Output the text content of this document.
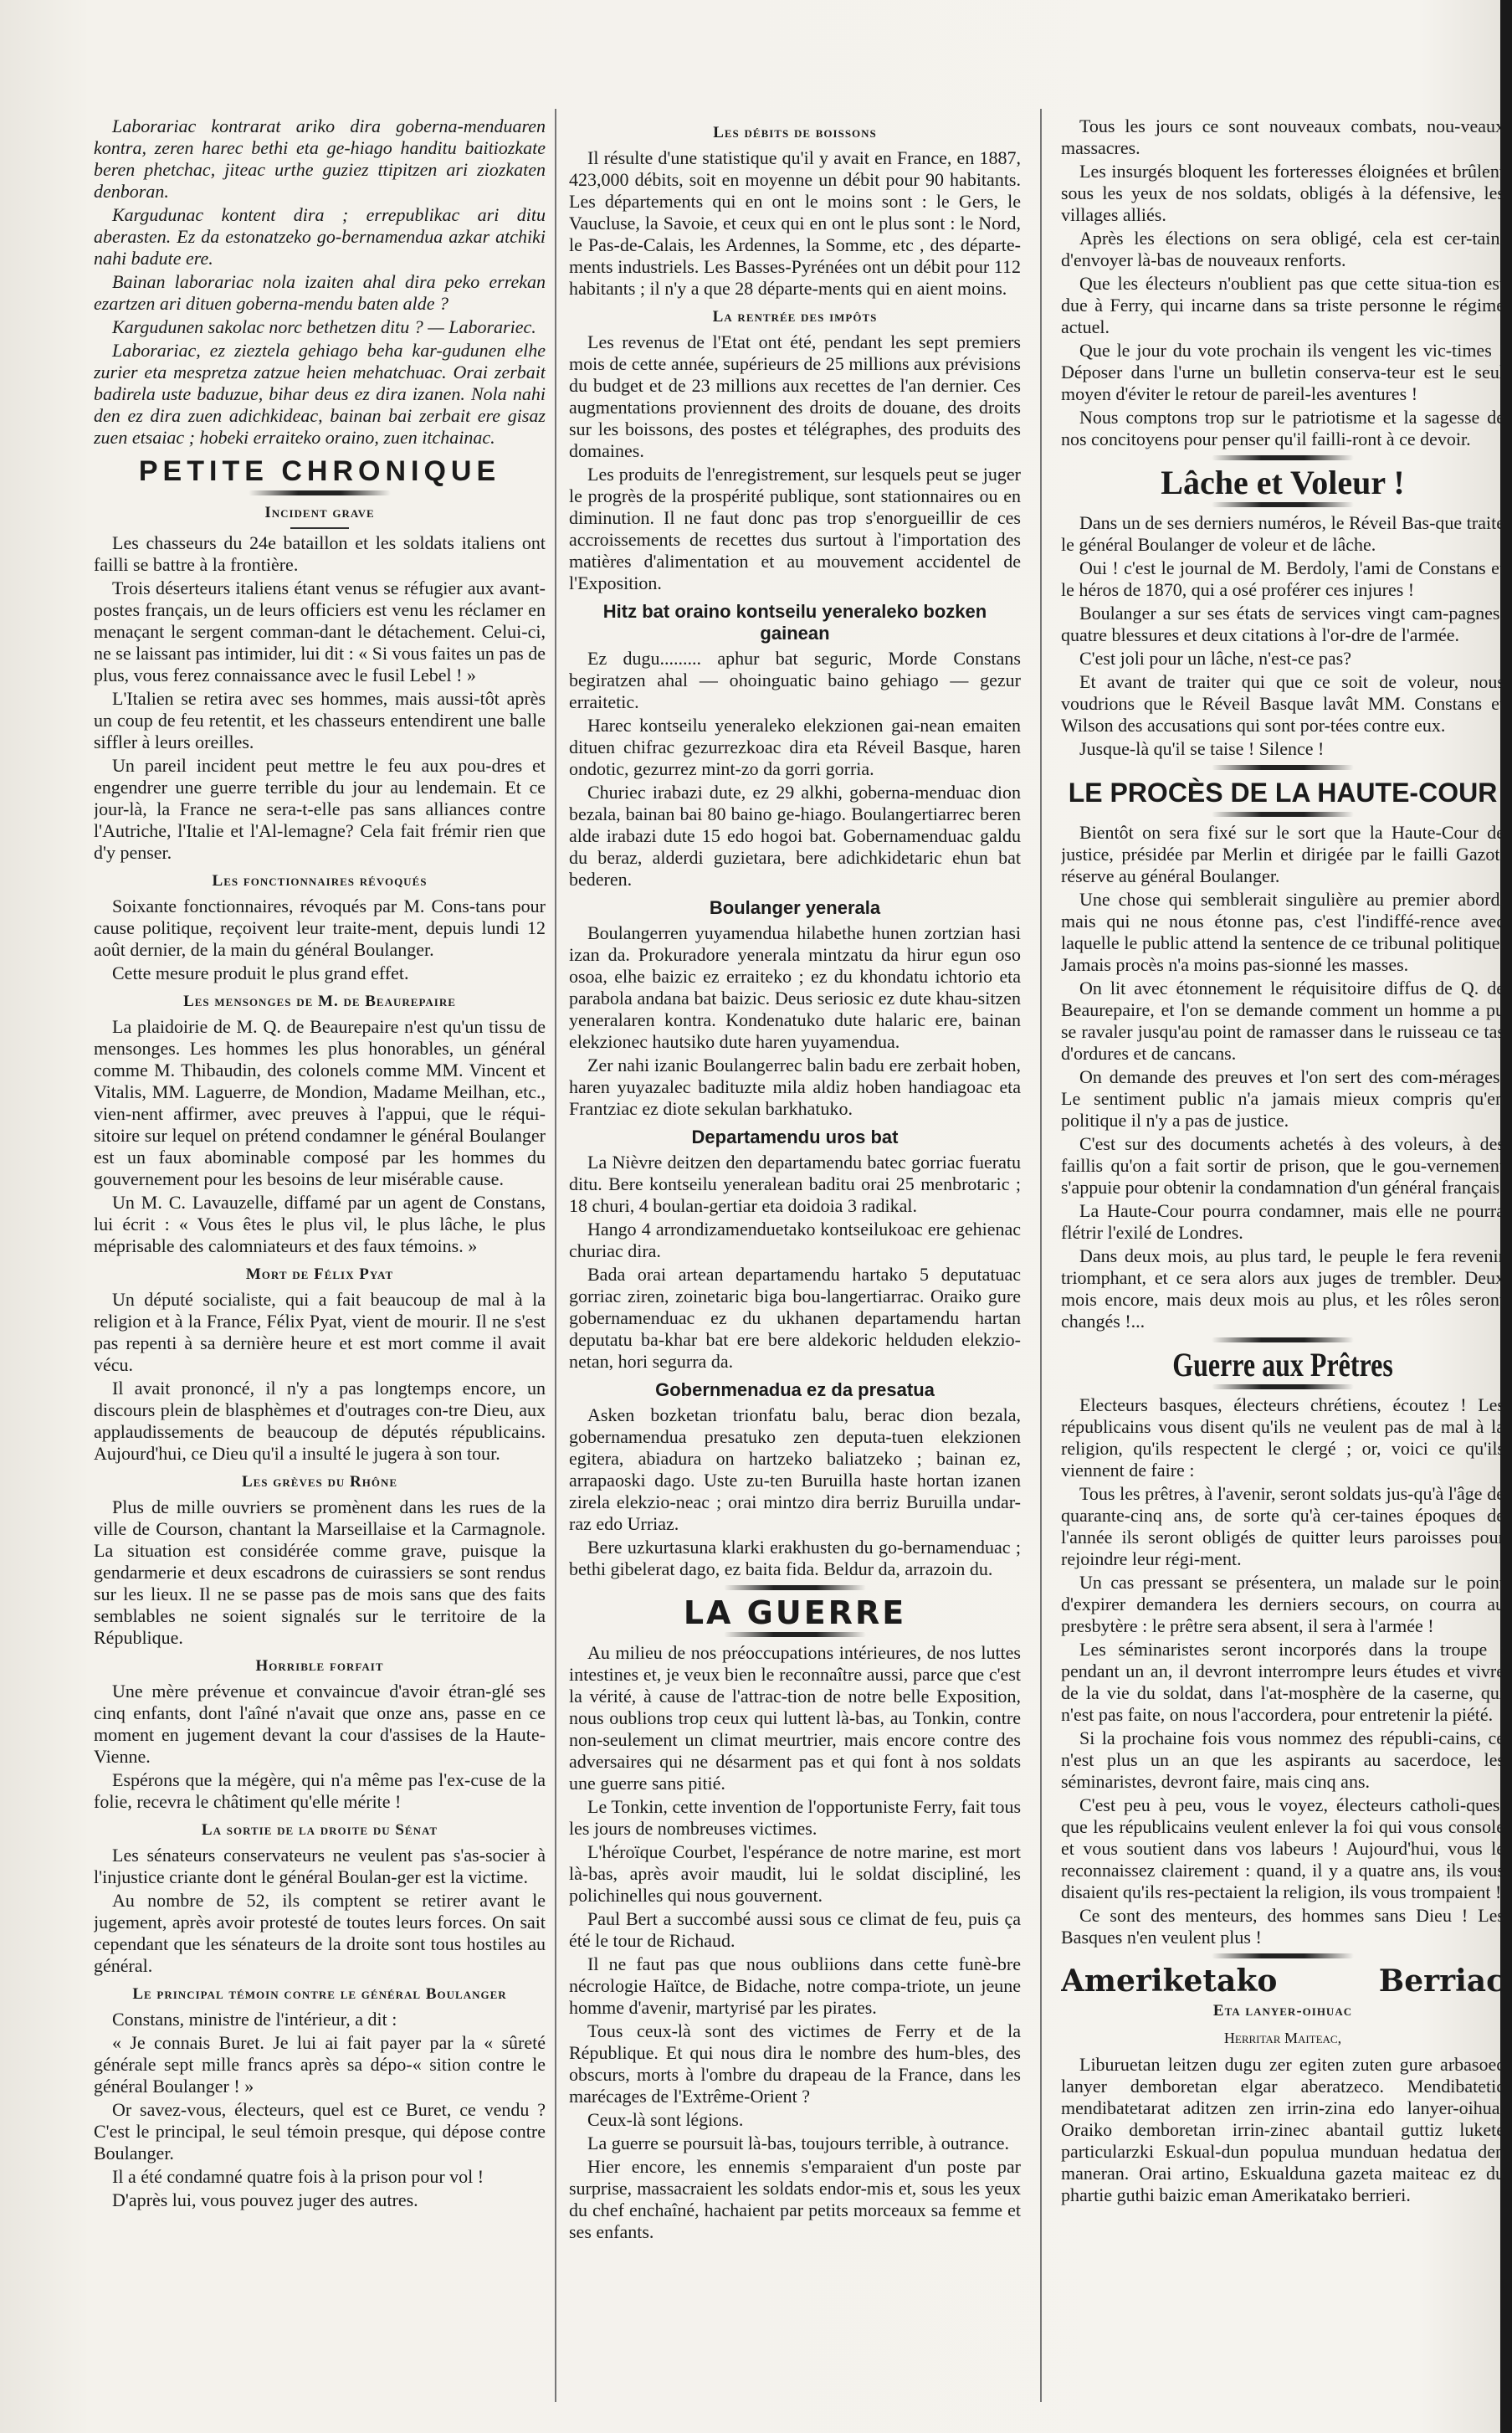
Laborariac kontrarat ariko dira goberna-menduaren kontra, zeren harec bethi eta ge-hiago handitu baitiozkate beren phetchac, jiteac urthe guziez ttipitzen ari ziozkaten denboran.

Kargudunac kontent dira ; errepublikac ari ditu aberasten. Ez da estonatzeko go-bernamendua azkar atchiki nahi badute ere.

Bainan laborariac nola izaiten ahal dira peko errekan ezartzen ari dituen goberna-mendu baten alde ?

Kargudunen sakolac norc bethetzen ditu ? — Laborariec.

Laborariac, ez zieztela gehiago beha kar-gudunen elhe zurier eta mespretza zatzue heien mehatchuac. Orai zerbait badirela uste baduzue, bihar deus ez dira izanen. Nola nahi den ez dira zuen adichkideac, bainan bai zerbait ere gisaz zuen etsaiac ; hobeki erraiteko oraino, zuen itchainac.

PETITE CHRONIQUE
Incident grave

Les chasseurs du 24e bataillon et les soldats italiens ont failli se battre à la frontière.

Trois déserteurs italiens étant venus se réfugier aux avant-postes français, un de leurs officiers est venu les réclamer en menaçant le sergent comman-dant le détachement. Celui-ci, ne se laissant pas intimider, lui dit : « Si vous faites un pas de plus, vous ferez connaissance avec le fusil Lebel ! »

L'Italien se retira avec ses hommes, mais aussi-tôt après un coup de feu retentit, et les chasseurs entendirent une balle siffler à leurs oreilles.

Un pareil incident peut mettre le feu aux pou-dres et engendrer une guerre terrible du jour au lendemain. Et ce jour-là, la France ne sera-t-elle pas sans alliances contre l'Autriche, l'Italie et l'Al-lemagne? Cela fait frémir rien que d'y penser.

Les fonctionnaires révoqués

Soixante fonctionnaires, révoqués par M. Cons-tans pour cause politique, reçoivent leur traite-ment, depuis lundi 12 août dernier, de la main du général Boulanger.

Cette mesure produit le plus grand effet.

Les mensonges de M. de Beaurepaire

La plaidoirie de M. Q. de Beaurepaire n'est qu'un tissu de mensonges. Les hommes les plus honorables, un général comme M. Thibaudin, des colonels comme MM. Vincent et Vitalis, MM. Laguerre, de Mondion, Madame Meilhan, etc., vien-nent affirmer, avec preuves à l'appui, que le réqui-sitoire sur lequel on prétend condamner le général Boulanger est un faux abominable composé par les hommes du gouvernement pour les besoins de leur misérable cause.

Un M. C. Lavauzelle, diffamé par un agent de Constans, lui écrit : « Vous êtes le plus vil, le plus lâche, le plus méprisable des calomniateurs et des faux témoins. »

Mort de Félix Pyat

Un député socialiste, qui a fait beaucoup de mal à la religion et à la France, Félix Pyat, vient de mourir. Il ne s'est pas repenti à sa dernière heure et est mort comme il avait vécu.

Il avait prononcé, il n'y a pas longtemps encore, un discours plein de blasphèmes et d'outrages con-tre Dieu, aux applaudissements de beaucoup de députés républicains. Aujourd'hui, ce Dieu qu'il a insulté le jugera à son tour.

Les grèves du Rhône

Plus de mille ouvriers se promènent dans les rues de la ville de Courson, chantant la Marseillaise et la Carmagnole. La situation est considérée comme grave, puisque la gendarmerie et deux escadrons de cuirassiers se sont rendus sur les lieux. Il ne se passe pas de mois sans que des faits semblables ne soient signalés sur le territoire de la République.

Horrible forfait

Une mère prévenue et convaincue d'avoir étran-glé ses cinq enfants, dont l'aîné n'avait que onze ans, passe en ce moment en jugement devant la cour d'assises de la Haute-Vienne.

Espérons que la mégère, qui n'a même pas l'ex-cuse de la folie, recevra le châtiment qu'elle mérite !

La sortie de la droite du Sénat

Les sénateurs conservateurs ne veulent pas s'as-socier à l'injustice criante dont le général Boulan-ger est la victime.

Au nombre de 52, ils comptent se retirer avant le jugement, après avoir protesté de toutes leurs forces. On sait cependant que les sénateurs de la droite sont tous hostiles au général.

Le principal témoin contre le général Boulanger

Constans, ministre de l'intérieur, a dit :

« Je connais Buret. Je lui ai fait payer par la « sûreté générale sept mille francs après sa dépo-« sition contre le général Boulanger ! »

Or savez-vous, électeurs, quel est ce Buret, ce vendu ? C'est le principal, le seul témoin presque, qui dépose contre Boulanger.

Il a été condamné quatre fois à la prison pour vol !

D'après lui, vous pouvez juger des autres.

Les débits de boissons

Il résulte d'une statistique qu'il y avait en France, en 1887, 423,000 débits, soit en moyenne un débit pour 90 habitants. Les départements qui en ont le moins sont : le Gers, le Vaucluse, la Savoie, et ceux qui en ont le plus sont : le Nord, le Pas-de-Calais, les Ardennes, la Somme, etc , des départe-ments industriels. Les Basses-Pyrénées ont un débit pour 112 habitants ; il n'y a que 28 départe-ments qui en aient moins.

La rentrée des impôts

Les revenus de l'Etat ont été, pendant les sept premiers mois de cette année, supérieurs de 25 millions aux prévisions du budget et de 23 millions aux recettes de l'an dernier. Ces augmentations proviennent des droits de douane, des droits sur les boissons, des postes et télégraphes, des produits des domaines.

Les produits de l'enregistrement, sur lesquels peut se juger le progrès de la prospérité publique, sont stationnaires ou en diminution. Il ne faut donc pas trop s'enorgueillir de ces accroissements de recettes dus surtout à l'importation des matières d'alimentation et au mouvement accidentel de l'Exposition.

Hitz bat oraino kontseilu yeneraleko bozken gainean

Ez dugu......... aphur bat seguric, Morde Constans begiratzen ahal — ohoinguatic baino gehiago — gezur erraitetic.

Harec kontseilu yeneraleko elekzionen gai-nean emaiten dituen chifrac gezurrezkoac dira eta Réveil Basque, haren ondotic, gezurrez mint-zo da gorri gorria.

Churiec irabazi dute, ez 29 alkhi, goberna-menduac dion bezala, bainan bai 80 baino ge-hiago. Boulangertiarrec beren alde irabazi dute 15 edo hogoi bat. Gobernamenduac galdu du beraz, alderdi guzietara, bere adichkidetaric ehun bat bederen.

Boulanger yenerala

Boulangerren yuyamendua hilabethe hunen zortzian hasi izan da. Prokuradore yenerala mintzatu da hirur egun oso osoa, elhe baizic ez erraiteko ; ez du khondatu ichtorio eta parabola andana bat baizic. Deus seriosic ez dute khau-sitzen yeneralaren kontra. Kondenatuko dute halaric ere, bainan elekzionec hautsiko dute haren yuyamendua.

Zer nahi izanic Boulangerrec balin badu ere zerbait hoben, haren yuyazalec badituzte mila aldiz hoben handiagoac eta Frantziac ez diote sekulan barkhatuko.

Departamendu uros bat

La Nièvre deitzen den departamendu batec gorriac fueratu ditu. Bere kontseilu yeneralean baditu orai 25 menbrotaric ; 18 churi, 4 boulan-gertiar eta doidoia 3 radikal.

Hango 4 arrondizamenduetako kontseilukoac ere gehienac churiac dira.

Bada orai artean departamendu hartako 5 deputatuac gorriac ziren, zoinetaric biga bou-langertiarrac. Oraiko gure gobernamenduac ez du ukhanen departamendu hartan deputatu ba-khar bat ere bere aldekoric helduden elekzio-netan, hori segurra da.

Gobernmenadua ez da presatua

Asken bozketan trionfatu balu, berac dion bezala, gobernamendua presatuko zen deputa-tuen elekzionen egitera, abiadura on hartzeko baliatzeko ; bainan ez, arrapaoski dago. Uste zu-ten Buruilla haste hortan izanen zirela elekzio-neac ; orai mintzo dira berriz Buruilla undar-raz edo Urriaz.

Bere uzkurtasuna klarki erakhusten du go-bernamenduac ; bethi gibelerat dago, ez baita fida. Beldur da, arrazoin du.

LA GUERRE

Au milieu de nos préoccupations intérieures, de nos luttes intestines et, je veux bien le reconnaître aussi, parce que c'est la vérité, à cause de l'attrac-tion de notre belle Exposition, nous oublions trop ceux qui luttent là-bas, au Tonkin, contre non-seulement un climat meurtrier, mais encore contre des adversaires qui ne désarment pas et qui font à nos soldats une guerre sans pitié.

Le Tonkin, cette invention de l'opportuniste Ferry, fait tous les jours de nombreuses victimes.

L'héroïque Courbet, l'espérance de notre marine, est mort là-bas, après avoir maudit, lui le soldat discipliné, les polichinelles qui nous gouvernent.

Paul Bert a succombé aussi sous ce climat de feu, puis ça été le tour de Richaud.

Il ne faut pas que nous oubliions dans cette funè-bre nécrologie Haïtce, de Bidache, notre compa-triote, un jeune homme d'avenir, martyrisé par les pirates.

Tous ceux-là sont des victimes de Ferry et de la République. Et qui nous dira le nombre des hum-bles, des obscurs, morts à l'ombre du drapeau de la France, dans les marécages de l'Extrême-Orient ?

Ceux-là sont légions.

La guerre se poursuit là-bas, toujours terrible, à outrance.

Hier encore, les ennemis s'emparaient d'un poste par surprise, massacraient les soldats endor-mis et, sous les yeux du chef enchaîné, hachaient par petits morceaux sa femme et ses enfants.

Tous les jours ce sont nouveaux combats, nou-veaux massacres.

Les insurgés bloquent les forteresses éloignées et brûlent sous les yeux de nos soldats, obligés à la défensive, les villages alliés.

Après les élections on sera obligé, cela est cer-tain, d'envoyer là-bas de nouveaux renforts.

Que les électeurs n'oublient pas que cette situa-tion est due à Ferry, qui incarne dans sa triste personne le régime actuel.

Que le jour du vote prochain ils vengent les vic-times ! Déposer dans l'urne un bulletin conserva-teur est le seul moyen d'éviter le retour de pareil-les aventures !

Nous comptons trop sur le patriotisme et la sagesse de nos concitoyens pour penser qu'il failli-ront à ce devoir.

Lâche et Voleur !

Dans un de ses derniers numéros, le Réveil Bas-que traite le général Boulanger de voleur et de lâche.

Oui ! c'est le journal de M. Berdoly, l'ami de Constans et le héros de 1870, qui a osé proférer ces injures !

Boulanger a sur ses états de services vingt cam-pagnes, quatre blessures et deux citations à l'or-dre de l'armée.

C'est joli pour un lâche, n'est-ce pas?

Et avant de traiter qui que ce soit de voleur, nous voudrions que le Réveil Basque lavât MM. Constans et Wilson des accusations qui sont por-tées contre eux.

Jusque-là qu'il se taise ! Silence !

LE PROCÈS DE LA HAUTE-COUR

Bientôt on sera fixé sur le sort que la Haute-Cour de justice, présidée par Merlin et dirigée par le failli Gazot, réserve au général Boulanger.

Une chose qui semblerait singulière au premier abord, mais qui ne nous étonne pas, c'est l'indiffé-rence avec laquelle le public attend la sentence de ce tribunal politique. Jamais procès n'a moins pas-sionné les masses.

On lit avec étonnement le réquisitoire diffus de Q. de Beaurepaire, et l'on se demande comment un homme a pu se ravaler jusqu'au point de ramasser dans le ruisseau ce tas d'ordures et de cancans.

On demande des preuves et l'on sert des com-mérages. Le sentiment public n'a jamais mieux compris qu'en politique il n'y a pas de justice.

C'est sur des documents achetés à des voleurs, à des faillis qu'on a fait sortir de prison, que le gou-vernement s'appuie pour obtenir la condamnation d'un général français.

La Haute-Cour pourra condamner, mais elle ne pourra flétrir l'exilé de Londres.

Dans deux mois, au plus tard, le peuple le fera revenir triomphant, et ce sera alors aux juges de trembler. Deux mois encore, mais deux mois au plus, et les rôles seront changés !...

Guerre aux Prêtres

Electeurs basques, électeurs chrétiens, écoutez ! Les républicains vous disent qu'ils ne veulent pas de mal à la religion, qu'ils respectent le clergé ; or, voici ce qu'ils viennent de faire :

Tous les prêtres, à l'avenir, seront soldats jus-qu'à l'âge de quarante-cinq ans, de sorte qu'à cer-taines époques de l'année ils seront obligés de quitter leurs paroisses pour rejoindre leur régi-ment.

Un cas pressant se présentera, un malade sur le point d'expirer demandera les derniers secours, on courra au presbytère : le prêtre sera absent, il sera à l'armée !

Les séminaristes seront incorporés dans la troupe ; pendant un an, il devront interrompre leurs études et vivre de la vie du soldat, dans l'at-mosphère de la caserne, qui n'est pas faite, on nous l'accordera, pour entretenir la piété.

Si la prochaine fois vous nommez des républi-cains, ce n'est plus un an que les aspirants au sacerdoce, les séminaristes, devront faire, mais cinq ans.

C'est peu à peu, vous le voyez, électeurs catholi-ques, que les républicains veulent enlever la foi qui vous console et vous soutient dans vos labeurs ! Aujourd'hui, vous le reconnaissez clairement : quand, il y a quatre ans, ils vous disaient qu'ils res-pectaient la religion, ils vous trompaient !

Ce sont des menteurs, des hommes sans Dieu ! Les Basques n'en veulent plus !

Ameriketako Berriac
Eta lanyer-oihuac
Herritar Maiteac,

Liburuetan leitzen dugu zer egiten zuten gure arbasoec lanyer demboretan elgar aberatzeco. Mendibatetic mendibatetarat aditzen zen irrin-zina edo lanyer-oihua. Oraiko demboretan irrin-zinec abantail guttiz lukete particularzki Eskual-dun populua munduan hedatua den maneran. Orai artino, Eskualduna gazeta maiteac ez du phartie guthi baizic eman Amerikatako berrieri.
